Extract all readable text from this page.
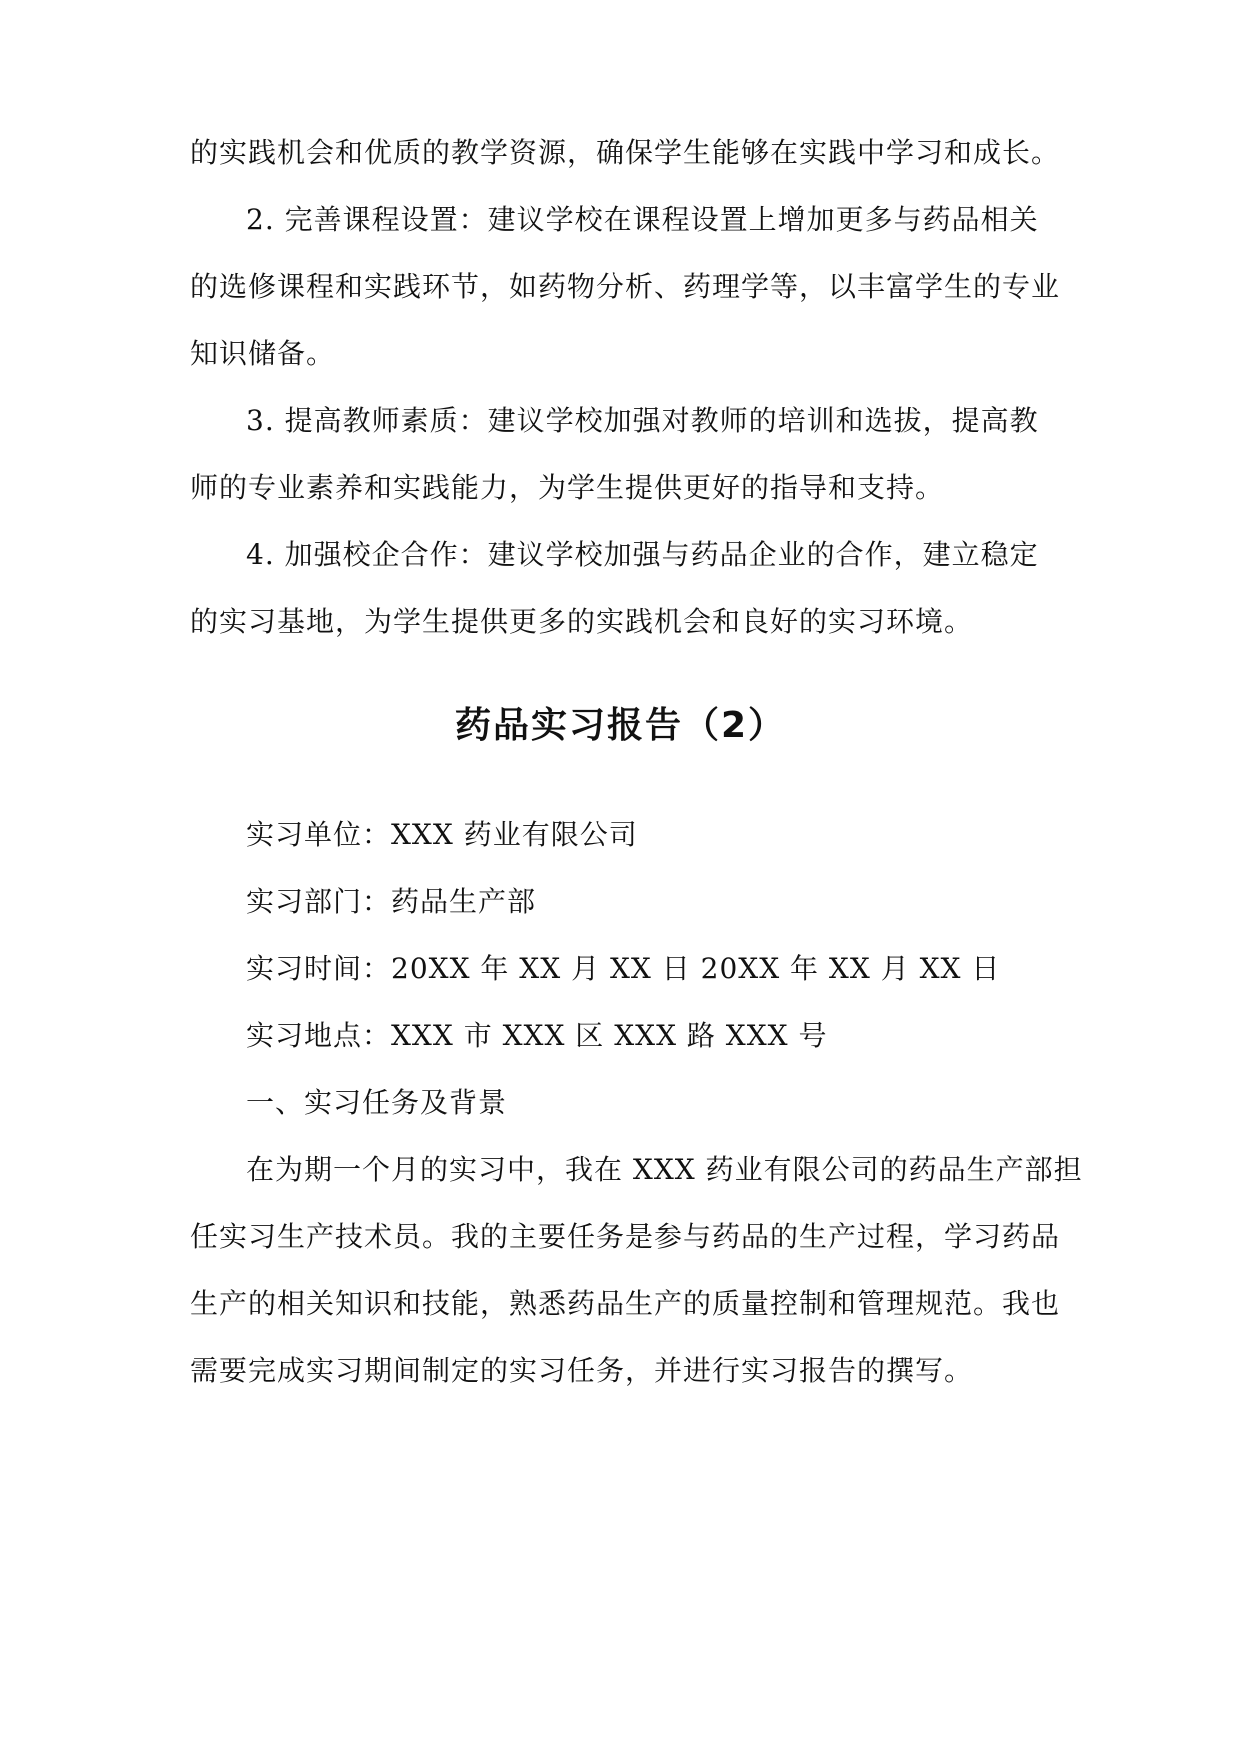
的实践机会和优质的教学资源，确保学生能够在实践中学习和成长。
2. 完善课程设置：建议学校在课程设置上增加更多与药品相关
的选修课程和实践环节，如药物分析、药理学等，以丰富学生的专业
知识储备。
3. 提高教师素质：建议学校加强对教师的培训和选拔，提高教
师的专业素养和实践能力，为学生提供更好的指导和支持。
4. 加强校企合作：建议学校加强与药品企业的合作，建立稳定
的实习基地，为学生提供更多的实践机会和良好的实习环境。
药品实习报告（2）
实习单位：XXX 药业有限公司
实习部门：药品生产部
实习时间：20XX 年 XX 月 XX 日 20XX 年 XX 月 XX 日
实习地点：XXX 市 XXX 区 XXX 路 XXX 号
一、实习任务及背景
在为期一个月的实习中，我在 XXX 药业有限公司的药品生产部担
任实习生产技术员。我的主要任务是参与药品的生产过程，学习药品
生产的相关知识和技能，熟悉药品生产的质量控制和管理规范。我也
需要完成实习期间制定的实习任务，并进行实习报告的撰写。
